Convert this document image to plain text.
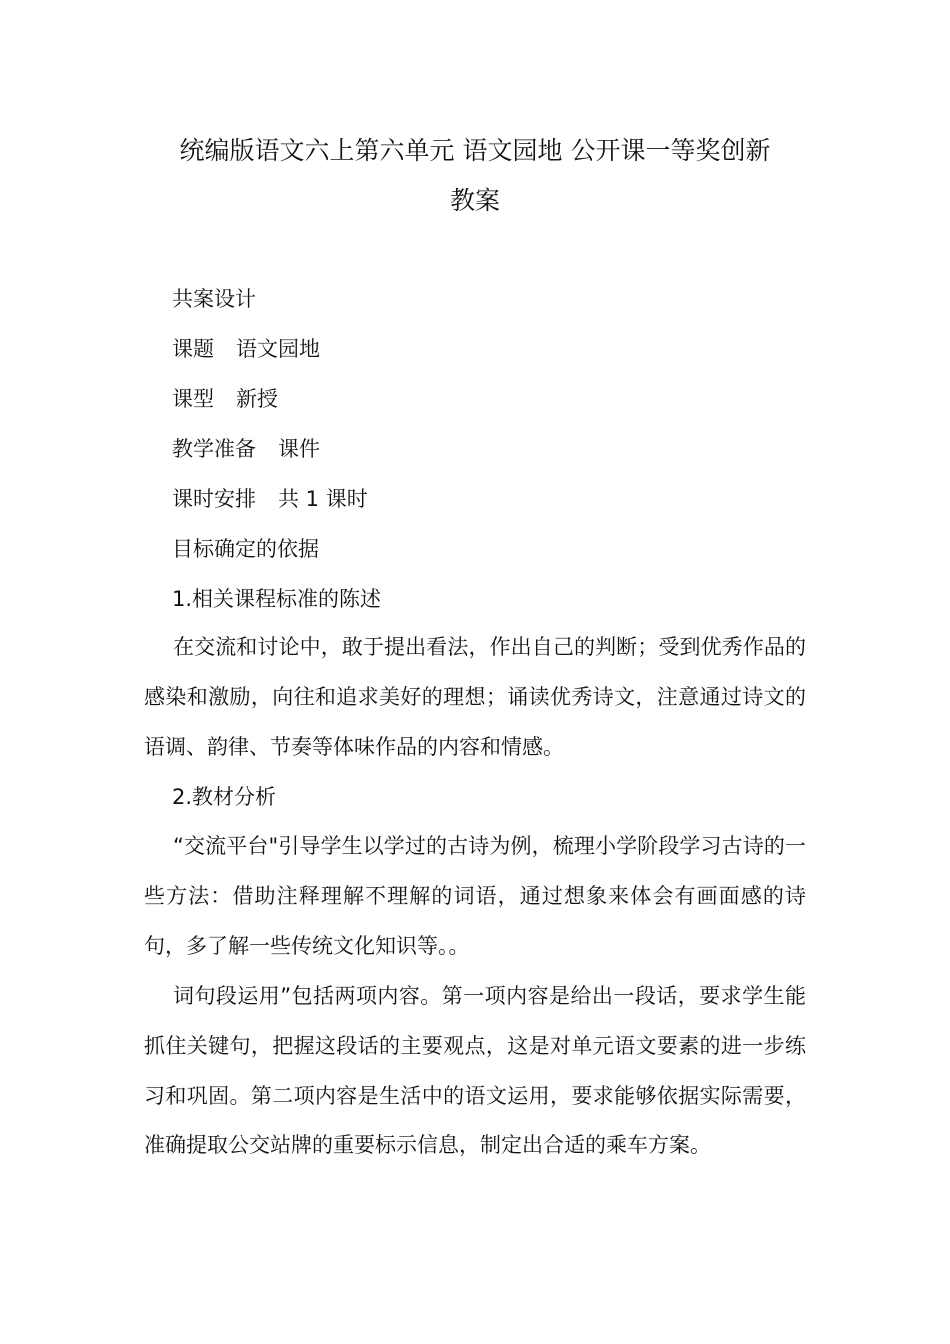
统编版语文六上第六单元 语文园地 公开课一等奖创新
教案
共案设计
课题 语文园地
课型 新授
教学准备 课件
课时安排 共 1 课时
目标确定的依据
1.相关课程标准的陈述

在交流和讨论中，敢于提出看法，作出自己的判断；受到优秀作品的感染和激励，向往和追求美好的理想；诵读优秀诗文，注意通过诗文的语调、韵律、节奏等体味作品的内容和情感。

2.教材分析

“交流平台"引导学生以学过的古诗为例，梳理小学阶段学习古诗的一些方法：借助注释理解不理解的词语，通过想象来体会有画面感的诗句，多了解一些传统文化知识等。。

词句段运用”包括两项内容。第一项内容是给出一段话，要求学生能抓住关键句，把握这段话的主要观点，这是对单元语文要素的进一步练习和巩固。第二项内容是生活中的语文运用，要求能够依据实际需要，准确提取公交站牌的重要标示信息，制定出合适的乘车方案。
